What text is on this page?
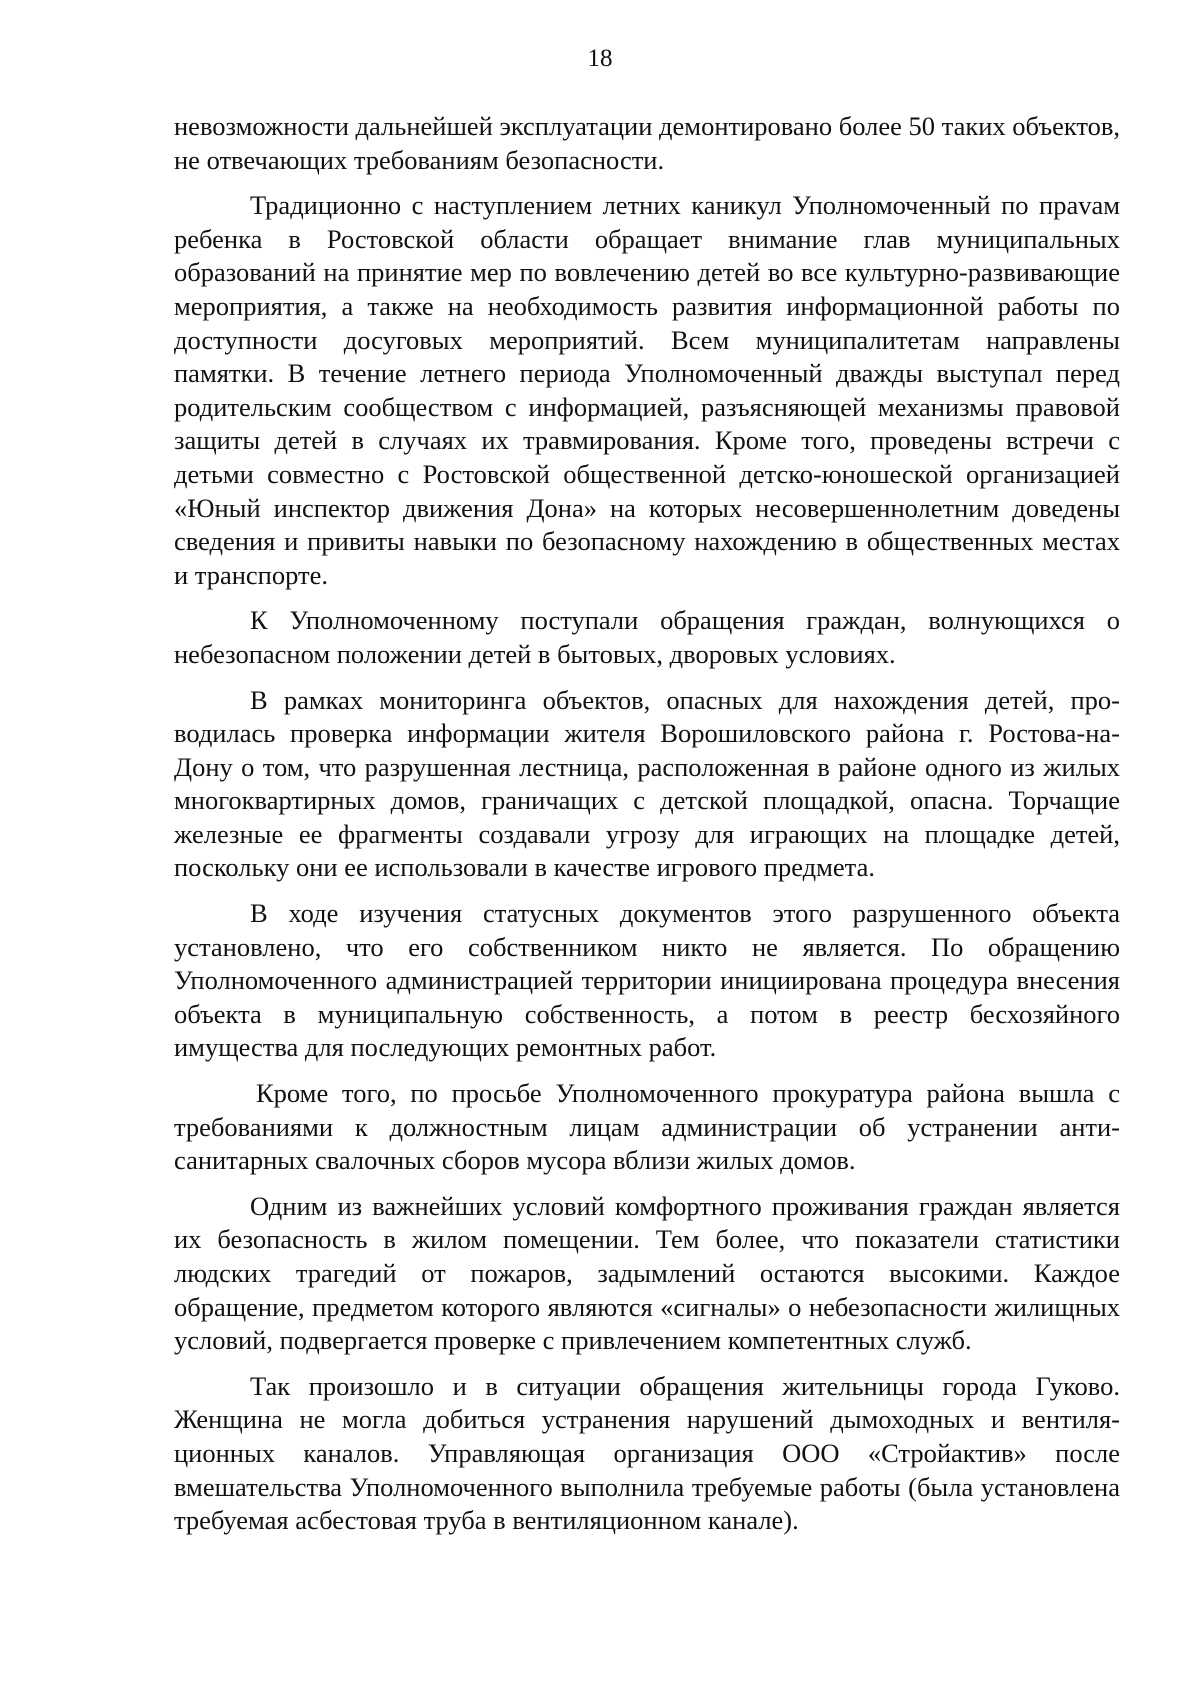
18

невозможности дальнейшей эксплуатации демонтировано более 50 таких объектов, не отвечающих требованиям безопасности.

Традиционно с наступлением летних каникул Уполномоченный по праvам ребенка в Ростовской области обращает внимание глав муниципальных образований на принятие мер по вовлечению детей во все культурно-развивающие мероприятия, а также на необходимость развития информационной работы по доступности досуговых мероприятий. Всем муниципалитетам направлены памятки. В течение летнего периода Уполномоченный дважды выступал перед родительским сообществом с информацией, разъясняющей механизмы правовой защиты детей в случаях их травмирования. Кроме того, проведены встречи с детьми совместно с Ростовской общественной детско-юношеской организацией «Юный инспектор движения Дона» на которых несовершеннолетним доведены сведения и привиты навыки по безопасному нахождению в общественных местах и транспорте.

К Уполномоченному поступали обращения граждан, волнующихся о небезопасном положении детей в бытовых, дворовых условиях.

В рамках мониторинга объектов, опасных для нахождения детей, проводилась проверка информации жителя Ворошиловского района г. Ростова-на-Дону о том, что разрушенная лестница, расположенная в районе одного из жилых многоквартирных домов, граничащих с детской площадкой, опасна. Торчащие железные ее фрагменты создавали угрозу для играющих на площадке детей, поскольку они ее использовали в качестве игрового предмета.

В ходе изучения статусных документов этого разрушенного объекта установлено, что его собственником никто не является. По обращению Уполномоченного администрацией территории инициирована процедура внесения объекта в муниципальную собственность, а потом в реестр бесхозяйного имущества для последующих ремонтных работ.

Кроме того, по просьбе Уполномоченного прокуратура района вышла с требованиями к должностным лицам администрации об устранении антисанитарных свалочных сборов мусора вблизи жилых домов.

Одним из важнейших условий комфортного проживания граждан является их безопасность в жилом помещении. Тем более, что показатели статистики людских трагедий от пожаров, задымлений остаются высокими. Каждое обращение, предметом которого являются «сигналы» о небезопасности жилищных условий, подвергается проверке с привлечением компетентных служб.

Так произошло и в ситуации обращения жительницы города Гуково. Женщина не могла добиться устранения нарушений дымоходных и вентиляционных каналов. Управляющая организация ООО «Стройактив» после вмешательства Уполномоченного выполнила требуемые работы (была установлена требуемая асбестовая труба в вентиляционном канале).
